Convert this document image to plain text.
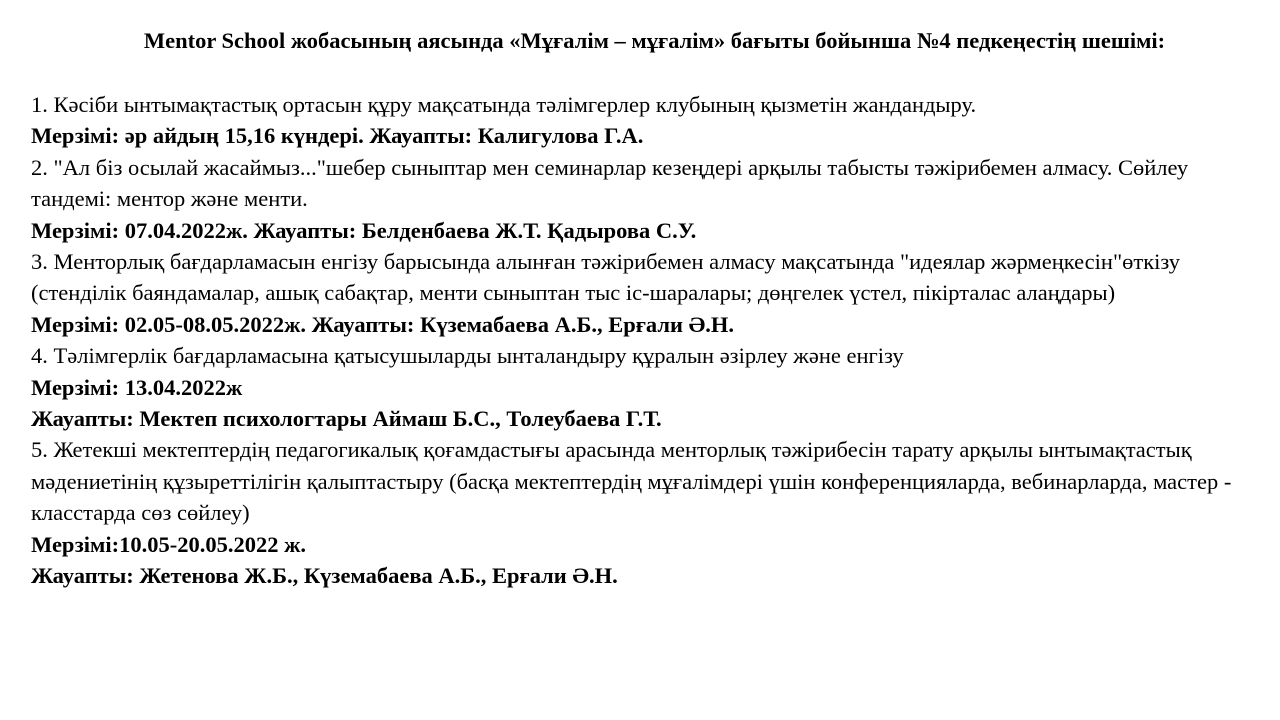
Mentor School жобасының аясында «Мұғалім – мұғалім» бағыты бойынша №4 педкеңестің шешімі:
1. Кәсіби ынтымақтастық ортасын құру мақсатында тәлімгерлер клубының қызметін жандандыру.
Мерзімі: әр айдың 15,16 күндері. Жауапты: Калигулова Г.А.
2. "Ал біз осылай жасаймыз..."шебер сыныптар мен семинарлар кезеңдері арқылы табысты тәжірибемен алмасу. Сөйлеу тандемі: ментор және менти.
Мерзімі: 07.04.2022ж. Жауапты: Белденбаева Ж.Т. Қадырова С.У.
3. Менторлық бағдарламасын енгізу барысында алынған тәжірибемен алмасу мақсатында "идеялар жәрмеңкесін"өткізу (стенділік баяндамалар, ашық сабақтар, менти сыныптан тыс іс-шаралары; дөңгелек үстел, пікірталас алаңдары)
Мерзімі: 02.05-08.05.2022ж. Жауапты: Күземабаева А.Б., Ерғали Ә.Н.
4. Тәлімгерлік бағдарламасына қатысушыларды ынталандыру құралын әзірлеу және енгізу
Мерзімі: 13.04.2022ж
Жауапты: Мектеп психологтары Аймаш Б.С., Толеубаева Г.Т.
5. Жетекші мектептердің педагогикалық қоғамдастығы арасында менторлық тәжірибесін тарату арқылы ынтымақтастық мәдениетінің құзыреттілігін қалыптастыру (басқа мектептердің мұғалімдері үшін конференцияларда, вебинарларда, мастер - класстарда сөз сөйлеу)
Мерзімі:10.05-20.05.2022 ж.
Жауапты: Жетенова Ж.Б., Күземабаева А.Б., Ерғали Ә.Н.
